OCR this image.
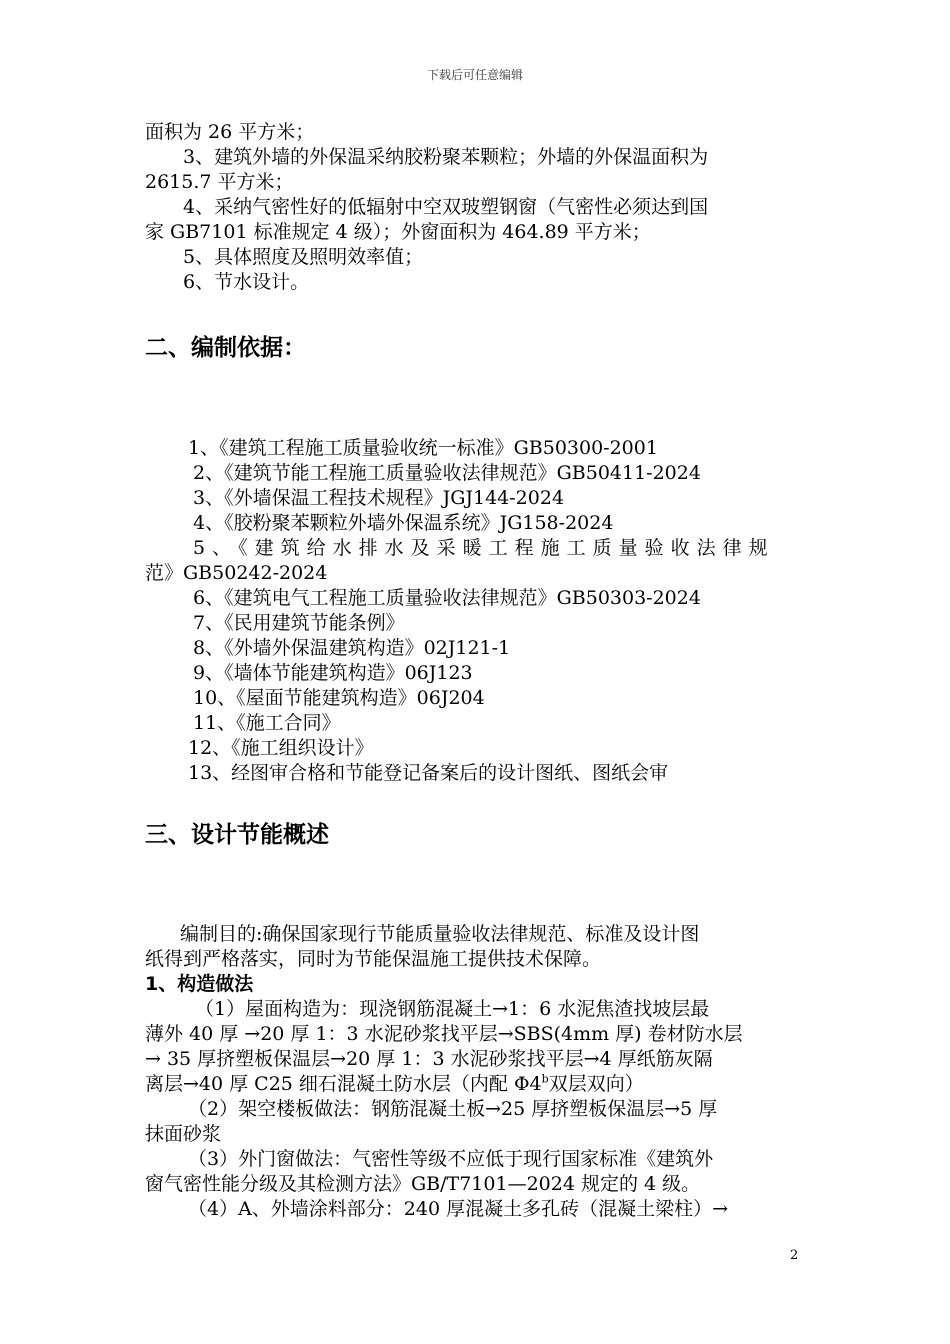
下载后可任意编辑
面积为 26 平方米；
　　3、建筑外墙的外保温采纳胶粉聚苯颗粒；外墙的外保温面积为
2615.7 平方米；
　　4、采纳气密性好的低辐射中空双玻塑钢窗（气密性必须达到国
家 GB7101 标准规定 4 级）；外窗面积为 464.89 平方米；
　　5、具体照度及照明效率值；
　　6、节水设计。
二、编制依据：
1、《建筑工程施工质量验收统一标准》GB50300-2001
2、《建筑节能工程施工质量验收法律规范》GB50411-2024
3、《外墙保温工程技术规程》JGJ144-2024
4、《胶粉聚苯颗粒外墙外保温系统》JG158-2024
5、《建筑给水排水及采暖工程施工质量验收法律规
范》GB50242-2024
6、《建筑电气工程施工质量验收法律规范》GB50303-2024
7、《民用建筑节能条例》
8、《外墙外保温建筑构造》02J121-1
9、《墙体节能建筑构造》06J123
10、《屋面节能建筑构造》06J204
11、《施工合同》
12、《施工组织设计》
13、经图审合格和节能登记备案后的设计图纸、图纸会审
三、设计节能概述
编制目的:确保国家现行节能质量验收法律规范、标准及设计图
纸得到严格落实，同时为节能保温施工提供技术保障。
1、构造做法
（1）屋面构造为：现浇钢筋混凝土→1：6 水泥焦渣找坡层最
薄外 40 厚 →20 厚 1：3 水泥砂浆找平层→SBS(4mm 厚) 卷材防水层
→ 35 厚挤塑板保温层→20 厚 1：3 水泥砂浆找平层→4 厚纸筋灰隔
离层→40 厚 C25 细石混凝土防水层（内配 Φ4$^b$双层双向）
（2）架空楼板做法：钢筋混凝土板→25 厚挤塑板保温层→5 厚
抹面砂浆
（3）外门窗做法：气密性等级不应低于现行国家标准《建筑外
窗气密性能分级及其检测方法》GB/T7101—2024 规定的 4 级。
（4）A、外墙涂料部分：240 厚混凝土多孔砖（混凝土梁柱）→
2
